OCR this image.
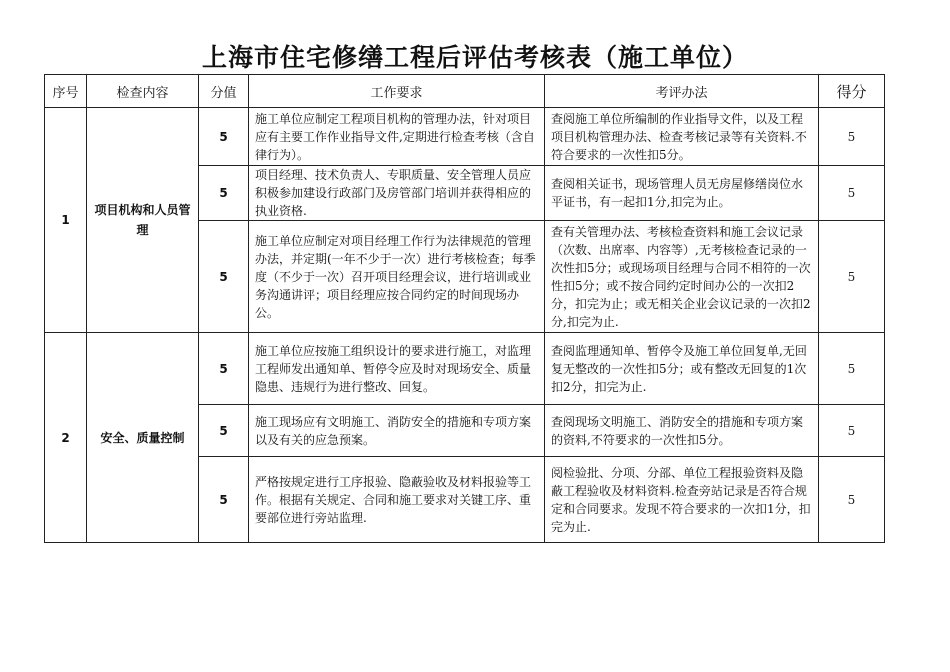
上海市住宅修缮工程后评估考核表（施工单位）
序号	检查内容	分值	工作要求	考评办法	得分
1	项目机构和人员管理	5	施工单位应制定工程项目机构的管理办法，针对项目应有主要工作作业指导文件,定期进行检查考核（含自律行为）。	查阅施工单位所编制的作业指导文件，以及工程项目机构管理办法、检查考核记录等有关资料.不符合要求的一次性扣5分。	5
		5	项目经理、技术负责人、专职质量、安全管理人员应积极参加建设行政部门及房管部门培训并获得相应的执业资格.	查阅相关证书，现场管理人员无房屋修缮岗位水平证书，有一起扣1分,扣完为止。	5
		5	施工单位应制定对项目经理工作行为法律规范的管理办法，并定期(一年不少于一次）进行考核检查；每季度（不少于一次）召开项目经理会议，进行培训或业务沟通讲评；项目经理应按合同约定的时间现场办公。	查有关管理办法、考核检查资料和施工会议记录（次数、出席率、内容等）,无考核检查记录的一次性扣5分；或现场项目经理与合同不相符的一次性扣5分；或不按合同约定时间办公的一次扣2分，扣完为止；或无相关企业会议记录的一次扣2分,扣完为止.	5
2	安全、质量控制	5	施工单位应按施工组织设计的要求进行施工，对监理工程师发出通知单、暂停令应及时对现场安全、质量隐患、违规行为进行整改、回复。	查阅监理通知单、暂停令及施工单位回复单,无回复无整改的一次性扣5分；或有整改无回复的1次扣2分，扣完为止.	5
		5	施工现场应有文明施工、消防安全的措施和专项方案以及有关的应急预案。	查阅现场文明施工、消防安全的措施和专项方案的资料,不符要求的一次性扣5分。	5
		5	严格按规定进行工序报验、隐蔽验收及材料报验等工作。根据有关规定、合同和施工要求对关键工序、重要部位进行旁站监理.	阅检验批、分项、分部、单位工程报验资料及隐蔽工程验收及材料资料.检查旁站记录是否符合规定和合同要求。发现不符合要求的一次扣1分，扣完为止.	5
